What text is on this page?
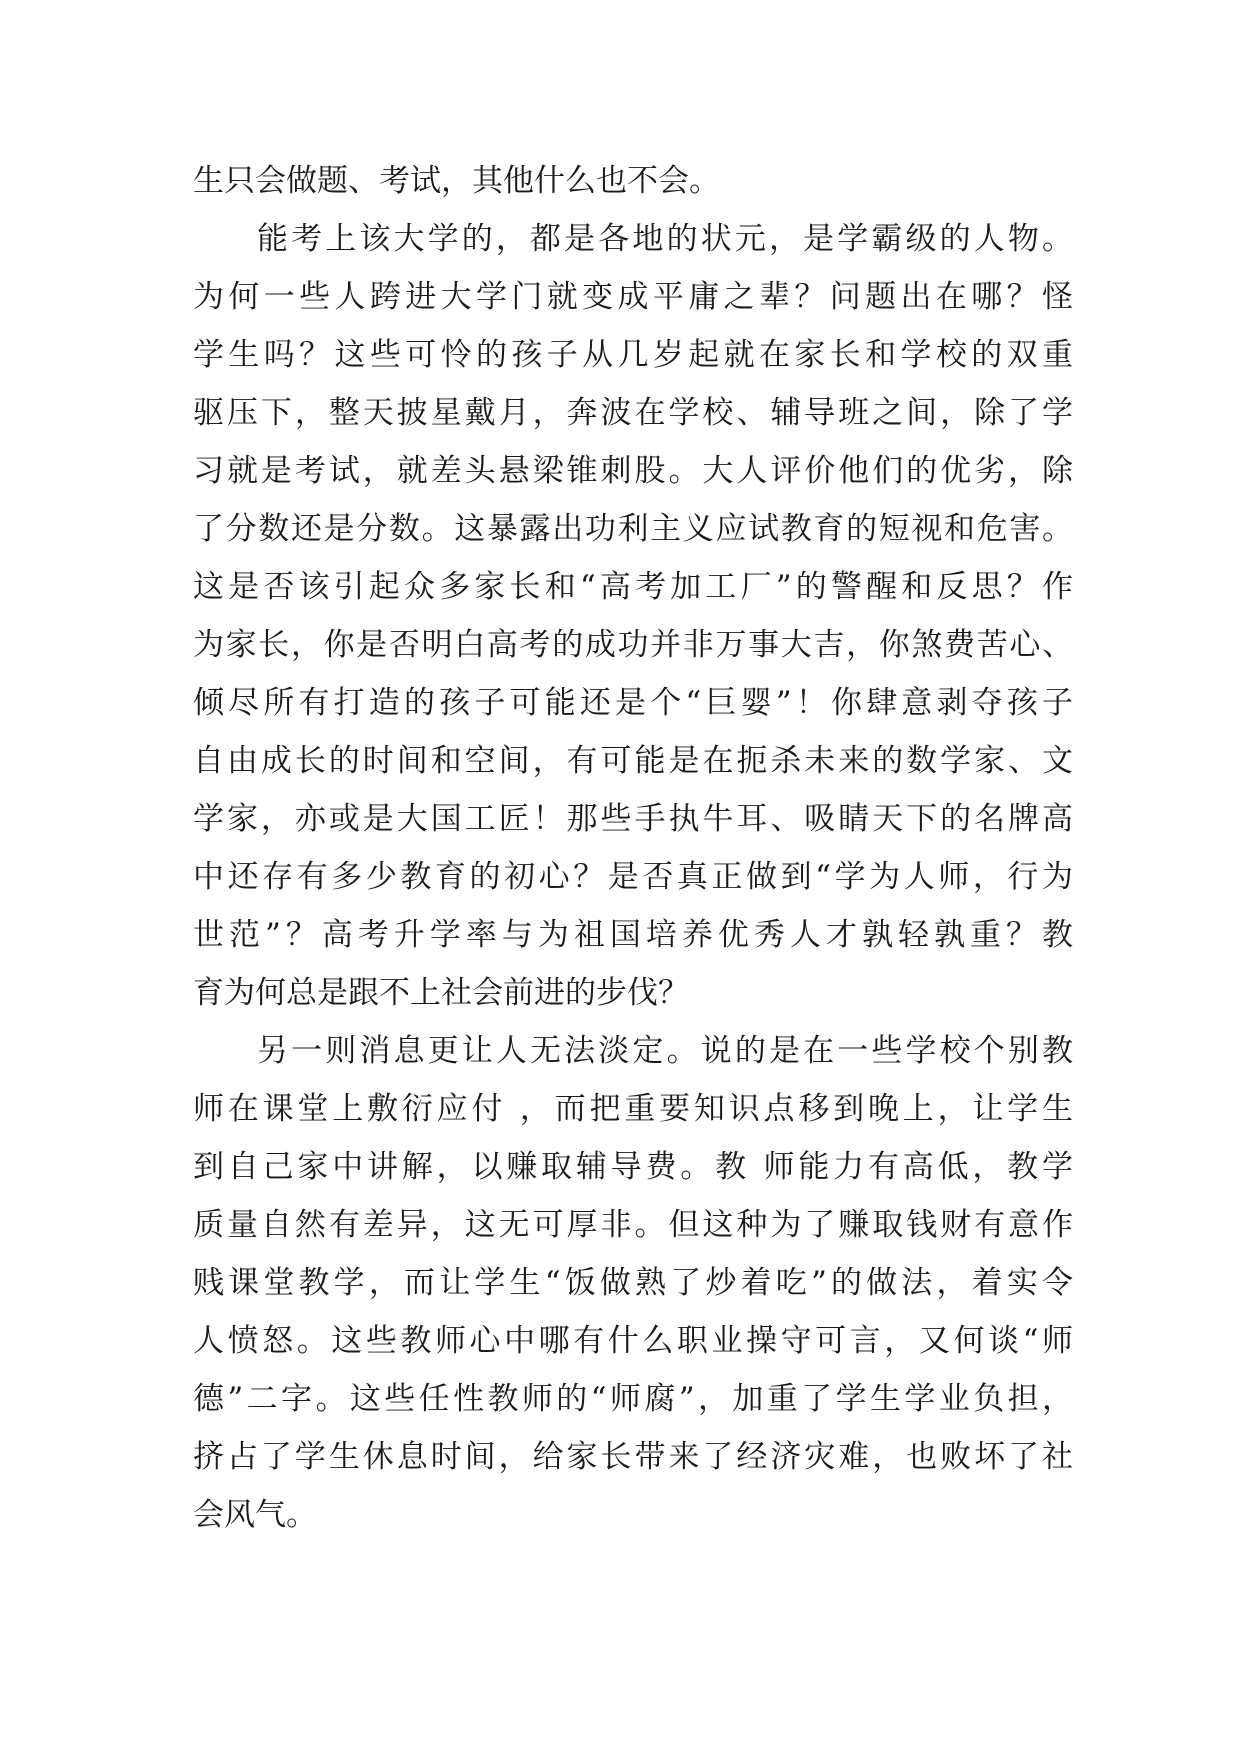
生只会做题、考试，其他什么也不会。
能考上该大学的，都是各地的状元，是学霸级的人物。
为何一些人跨进大学门就变成平庸之辈？问题出在哪？怪
学生吗？这些可怜的孩子从几岁起就在家长和学校的双重
驱压下，整天披星戴月，奔波在学校、辅导班之间，除了学
习就是考试，就差头悬梁锥刺股。大人评价他们的优劣，除
了分数还是分数。这暴露出功利主义应试教育的短视和危害。
这是否该引起众多家长和“高考加工厂”的警醒和反思？作
为家长，你是否明白高考的成功并非万事大吉，你煞费苦心、
倾尽所有打造的孩子可能还是个“巨婴”！你肆意剥夺孩子
自由成长的时间和空间，有可能是在扼杀未来的数学家、文
学家，亦或是大国工匠！那些手执牛耳、吸睛天下的名牌高
中还存有多少教育的初心？是否真正做到“学为人师，行为
世范”？高考升学率与为祖国培养优秀人才孰轻孰重？教
育为何总是跟不上社会前进的步伐？
另一则消息更让人无法淡定。说的是在一些学校个别教
师在课堂上敷衍应付 ，而把重要知识点移到晚上，让学生
到自己家中讲解，以赚取辅导费。教 师能力有高低，教学
质量自然有差异，这无可厚非。但这种为了赚取钱财有意作
贱课堂教学，而让学生“饭做熟了炒着吃”的做法，着实令
人愤怒。这些教师心中哪有什么职业操守可言，又何谈“师
德”二字。这些任性教师的“师腐”，加重了学生学业负担，
挤占了学生休息时间，给家长带来了经济灾难，也败坏了社
会风气。
